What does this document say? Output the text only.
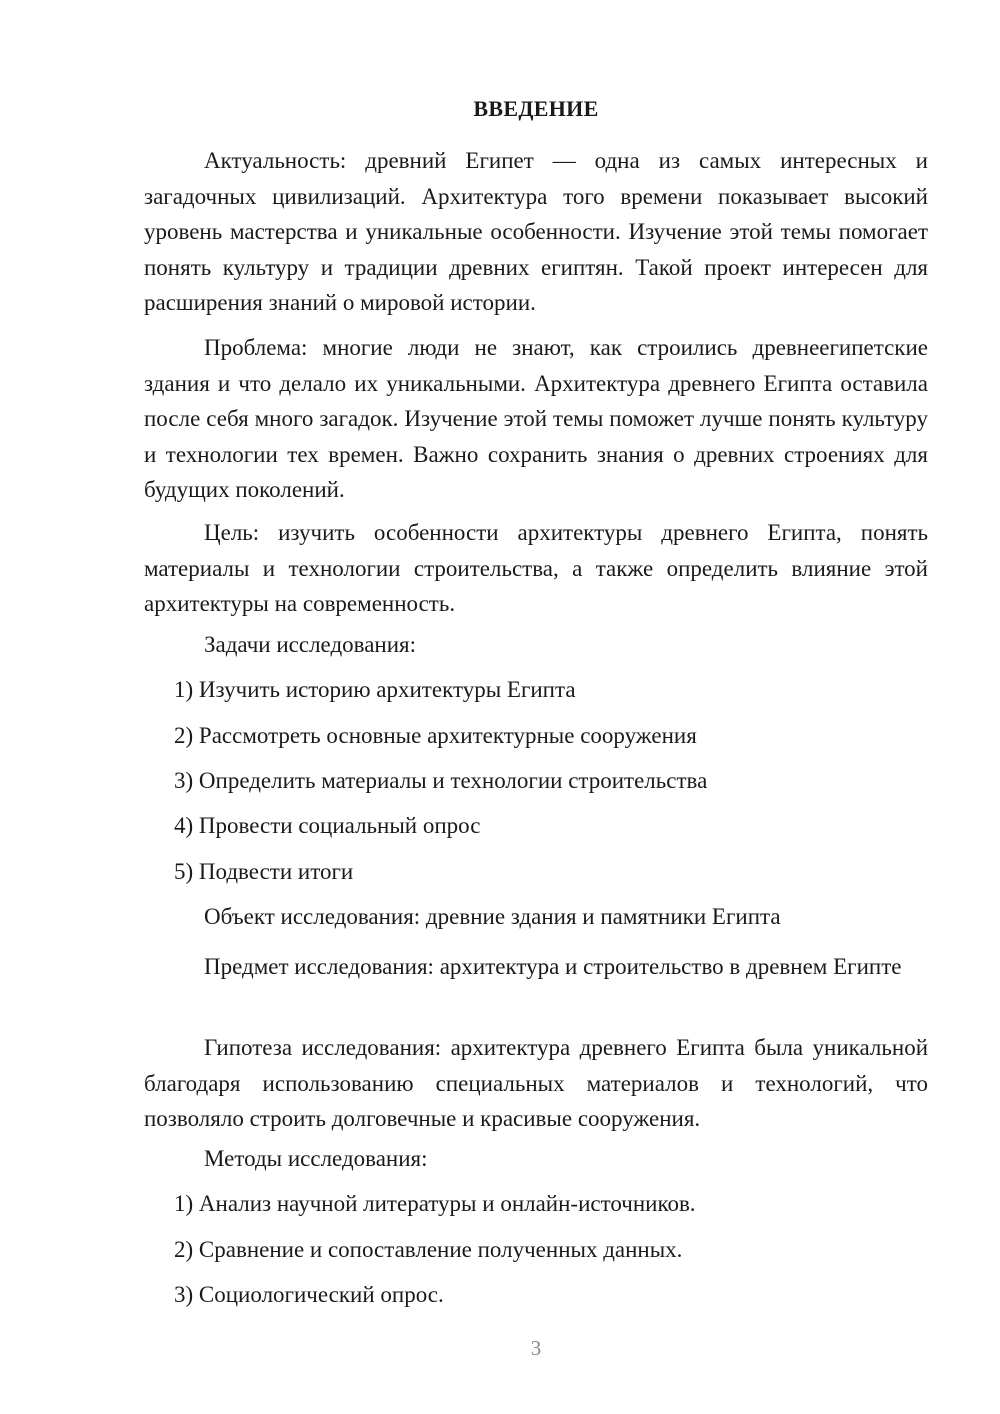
ВВЕДЕНИЕ

Актуальность: древний Египет — одна из самых интересных и загадочных цивилизаций. Архитектура того времени показывает высокий уровень мастерства и уникальные особенности. Изучение этой темы помогает понять культуру и традиции древних египтян. Такой проект интересен для расширения знаний о мировой истории.

Проблема: многие люди не знают, как строились древнеегипетские здания и что делало их уникальными. Архитектура древнего Египта оставила после себя много загадок. Изучение этой темы поможет лучше понять культуру и технологии тех времен. Важно сохранить знания о древних строениях для будущих поколений.

Цель: изучить особенности архитектуры древнего Египта, понять материалы и технологии строительства, а также определить влияние этой архитектуры на современность.

Задачи исследования:

1) Изучить историю архитектуры Египта

2) Рассмотреть основные архитектурные сооружения

3) Определить материалы и технологии строительства

4) Провести социальный опрос

5) Подвести итоги

Объект исследования: древние здания и памятники Египта

Предмет исследования: архитектура и строительство в древнем Египте

Гипотеза исследования: архитектура древнего Египта была уникальной благодаря использованию специальных материалов и технологий, что позволяло строить долговечные и красивые сооружения.

Методы исследования:

1) Анализ научной литературы и онлайн-источников.

2) Сравнение и сопоставление полученных данных.

3) Социологический опрос.

3
